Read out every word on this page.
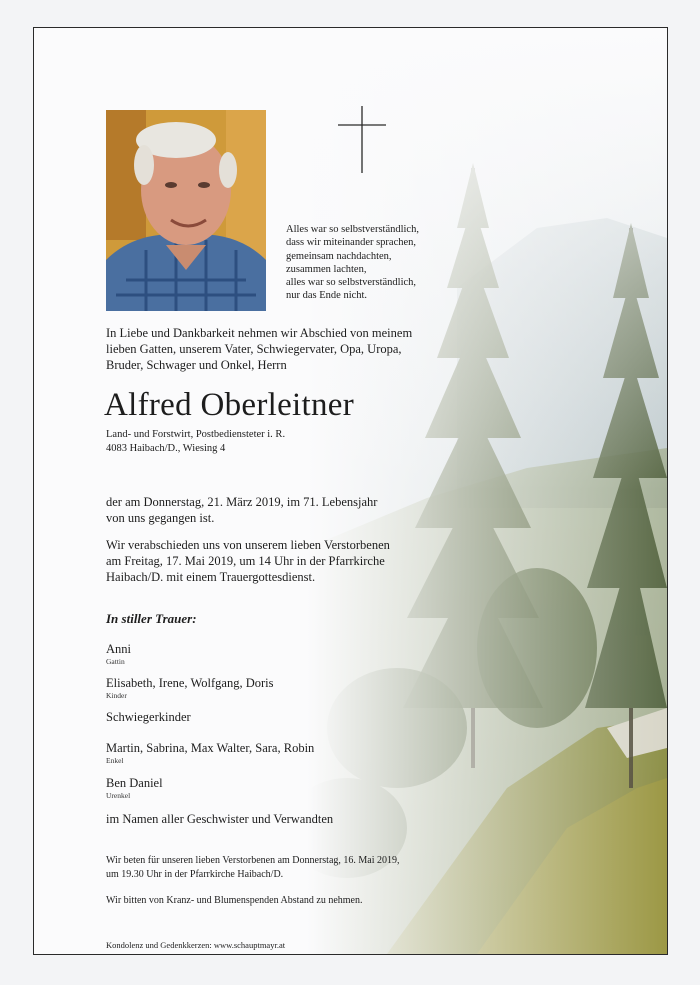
Alles war so selbstverständlich,
dass wir miteinander sprachen,
gemeinsam nachdachten,
zusammen lachten,
alles war so selbstverständlich,
nur das Ende nicht.
In Liebe und Dankbarkeit nehmen wir Abschied von meinem
lieben Gatten, unserem Vater, Schwiegervater, Opa, Uropa,
Bruder, Schwager und Onkel, Herrn
Alfred Oberleitner
Land- und Forstwirt, Postbediensteter i. R.
4083 Haibach/D., Wiesing 4
der am Donnerstag, 21. März 2019, im 71. Lebensjahr
von uns gegangen ist.
Wir verabschieden uns von unserem lieben Verstorbenen
am Freitag, 17. Mai 2019, um 14 Uhr in der Pfarrkirche
Haibach/D. mit einem Trauergottesdienst.
In stiller Trauer:
Anni
Gattin
Elisabeth, Irene, Wolfgang, Doris
Kinder
Schwiegerkinder
Martin, Sabrina, Max Walter, Sara, Robin
Enkel
Ben Daniel
Urenkel
im Namen aller Geschwister und Verwandten
Wir beten für unseren lieben Verstorbenen am Donnerstag, 16. Mai 2019,
um 19.30 Uhr in der Pfarrkirche Haibach/D.
Wir bitten von Kranz- und Blumenspenden Abstand zu nehmen.
Kondolenz und Gedenkkerzen: www.schauptmayr.at
